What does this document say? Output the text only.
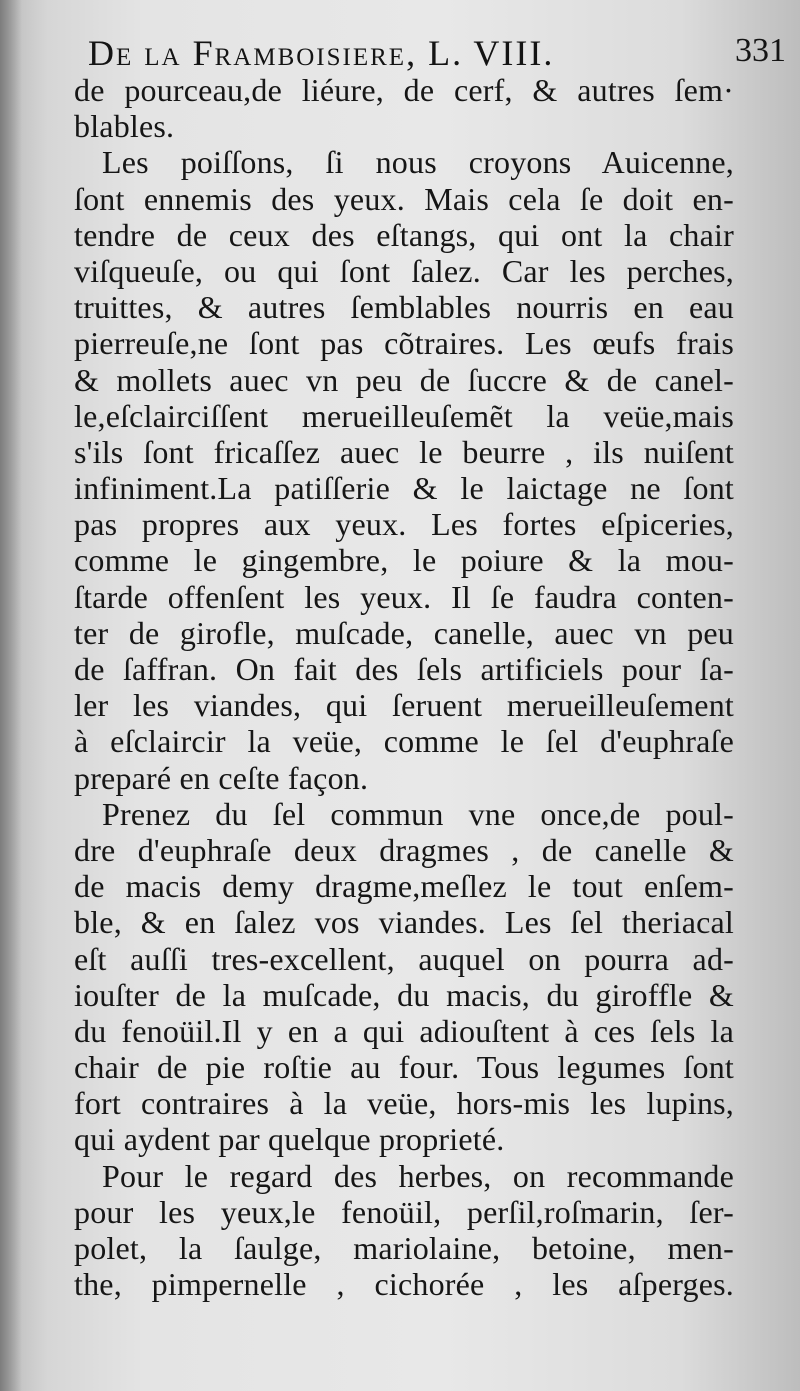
De la Framboisiere, L. VIII.	331
de pourceau,de liéure, de cerf, & autres ſem·
blables.
Les poiſſons, ſi nous croyons Auicenne,
ſont ennemis des yeux. Mais cela ſe doit en-
tendre de ceux des eſtangs, qui ont la chair
viſqueuſe, ou qui ſont ſalez. Car les perches,
truittes, & autres ſemblables nourris en eau
pierreuſe,ne ſont pas cõtraires. Les œufs frais
& mollets auec vn peu de ſuccre & de canel-
le,eſclairciſſent merueilleuſemẽt la veüe,mais
s'ils ſont fricaſſez auec le beurre , ils nuiſent
infiniment.La patiſſerie & le laictage ne ſont
pas propres aux yeux. Les fortes eſpiceries,
comme le gingembre, le poiure & la mou-
ſtarde offenſent les yeux. Il ſe faudra conten-
ter de girofle, muſcade, canelle, auec vn peu
de ſaffran. On fait des ſels artificiels pour ſa-
ler les viandes, qui ſeruent merueilleuſement
à eſclaircir la veüe, comme le ſel d'euphraſe
preparé en ceſte façon.
Prenez du ſel commun vne once,de poul-
dre d'euphraſe deux dragmes , de canelle &
de macis demy dragme,meſlez le tout enſem-
ble, & en ſalez vos viandes. Les ſel theriacal
eſt auſſi tres-excellent, auquel on pourra ad-
iouſter de la muſcade, du macis, du giroffle &
du fenoüil.Il y en a qui adiouſtent à ces ſels la
chair de pie roſtie au four. Tous legumes ſont
fort contraires à la veüe, hors-mis les lupins,
qui aydent par quelque proprieté.
Pour le regard des herbes, on recommande
pour les yeux,le fenoüil, perſil,roſmarin, ſer-
polet, la ſaulge, mariolaine, betoine, men-
the, pimpernelle , cichorée , les aſperges.
